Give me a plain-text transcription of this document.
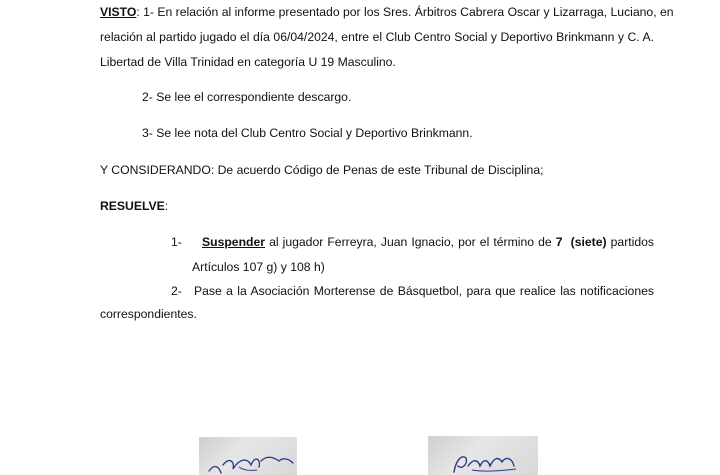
VISTO: 1- En relación al informe presentado por los Sres. Árbitros Cabrera Oscar y Lizarraga, Luciano, en
relación al partido jugado el día 06/04/2024, entre el Club Centro Social y Deportivo Brinkmann y C. A.
Libertad de Villa Trinidad en categoría U 19 Masculino.
2- Se lee el correspondiente descargo.
3- Se lee nota del Club Centro Social y Deportivo Brinkmann.
Y CONSIDERANDO: De acuerdo Código de Penas de este Tribunal de Disciplina;
RESUELVE:
1- Suspender al jugador Ferreyra, Juan Ignacio, por el término de 7 (siete) partidos
Artículos 107 g) y 108 h)
2- Pase a la Asociación Morterense de Básquetbol, para que realice las notificaciones
correspondientes.
